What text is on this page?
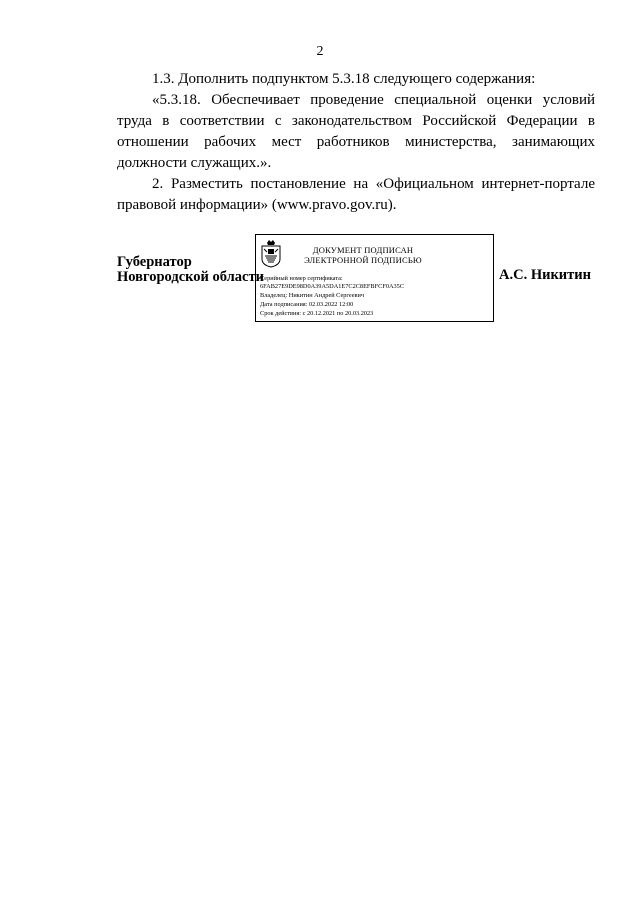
2

1.3. Дополнить подпунктом 5.3.18 следующего содержания:

«5.3.18. Обеспечивает проведение специальной оценки условий труда в соответствии с законодательством Российской Федерации в отношении рабочих мест работников министерства, занимающих должности служащих.».

2. Разместить постановление на «Официальном интернет-портале правовой информации» (www.pravo.gov.ru).

Губернатор
Новгородской области
ДОКУМЕНТ ПОДПИСАН
ЭЛЕКТРОННОЙ ПОДПИСЬЮ
Серийный номер сертификата:
6FAB27E9DE98D0A39A5DA1E7C2C8EFBFCF0A35C
Владелец: Никитин Андрей Сергеевич
Дата подписания: 02.03.2022 12:00
Срок действия: с 20.12.2021 по 20.03.2023
А.С. Никитин
